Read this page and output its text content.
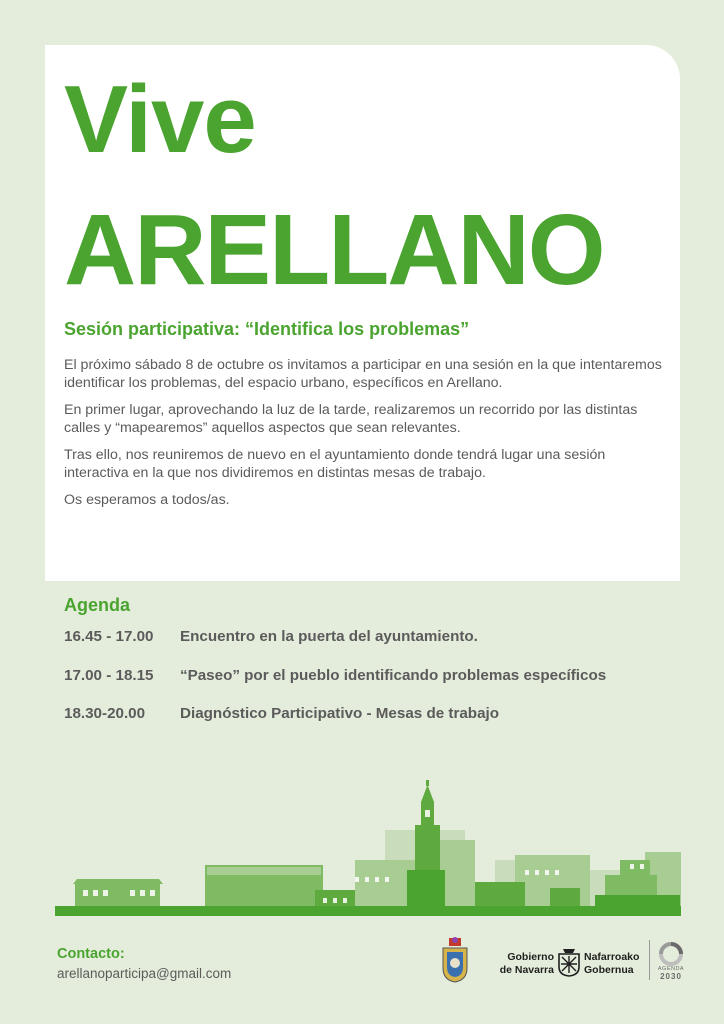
Vive
ARELLANO
Sesión participativa: “Identifica los problemas”

El próximo sábado 8 de octubre os invitamos a participar en una sesión en la que intentaremos identificar los problemas, del espacio urbano, específicos en Arellano.

En primer lugar, aprovechando la luz de la tarde, realizaremos un recorrido por las distintas calles y “mapearemos” aquellos aspectos que sean relevantes.

Tras ello, nos reuniremos de nuevo en el ayuntamiento donde tendrá lugar una sesión interactiva en la que nos dividiremos en distintas mesas de trabajo.

Os esperamos a todos/as.

Agenda
16.45 - 17.00 Encuentro en la puerta del ayuntamiento.
17.00 - 18.15 “Paseo” por el pueblo identificando problemas específicos
18.30-20.00 Diagnóstico Participativo - Mesas de trabajo
Contacto:
arellanoparticipa@gmail.com
Gobierno
de Navarra
Nafarroako
Gobernua	AGENDA
2030
